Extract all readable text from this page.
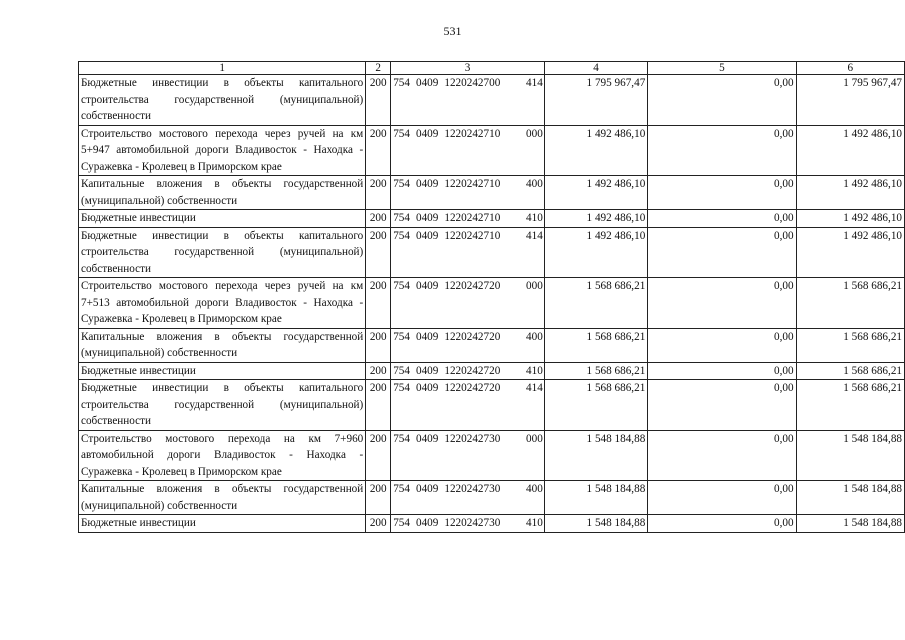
531
1	2	3	4	5	6
Бюджетные инвестиции в объекты капитального строительства государственной (муниципальной) собственности	200	754 0409 1220242700 414	1 795 967,47	0,00	1 795 967,47
Строительство мостового перехода через ручей на км 5+947 автомобильной дороги Владивосток - Находка - Суражевка - Кролевец в Приморском крае	200	754 0409 1220242710 000	1 492 486,10	0,00	1 492 486,10
Капитальные вложения в объекты государственной (муниципальной) собственности	200	754 0409 1220242710 400	1 492 486,10	0,00	1 492 486,10
Бюджетные инвестиции	200	754 0409 1220242710 410	1 492 486,10	0,00	1 492 486,10
Бюджетные инвестиции в объекты капитального строительства государственной (муниципальной) собственности	200	754 0409 1220242710 414	1 492 486,10	0,00	1 492 486,10
Строительство мостового перехода через ручей на км 7+513 автомобильной дороги Владивосток - Находка - Суражевка - Кролевец в Приморском крае	200	754 0409 1220242720 000	1 568 686,21	0,00	1 568 686,21
Капитальные вложения в объекты государственной (муниципальной) собственности	200	754 0409 1220242720 400	1 568 686,21	0,00	1 568 686,21
Бюджетные инвестиции	200	754 0409 1220242720 410	1 568 686,21	0,00	1 568 686,21
Бюджетные инвестиции в объекты капитального строительства государственной (муниципальной) собственности	200	754 0409 1220242720 414	1 568 686,21	0,00	1 568 686,21
Строительство мостового перехода на км 7+960 автомобильной дороги Владивосток - Находка - Суражевка - Кролевец в Приморском крае	200	754 0409 1220242730 000	1 548 184,88	0,00	1 548 184,88
Капитальные вложения в объекты государственной (муниципальной) собственности	200	754 0409 1220242730 400	1 548 184,88	0,00	1 548 184,88
Бюджетные инвестиции	200	754 0409 1220242730 410	1 548 184,88	0,00	1 548 184,88
